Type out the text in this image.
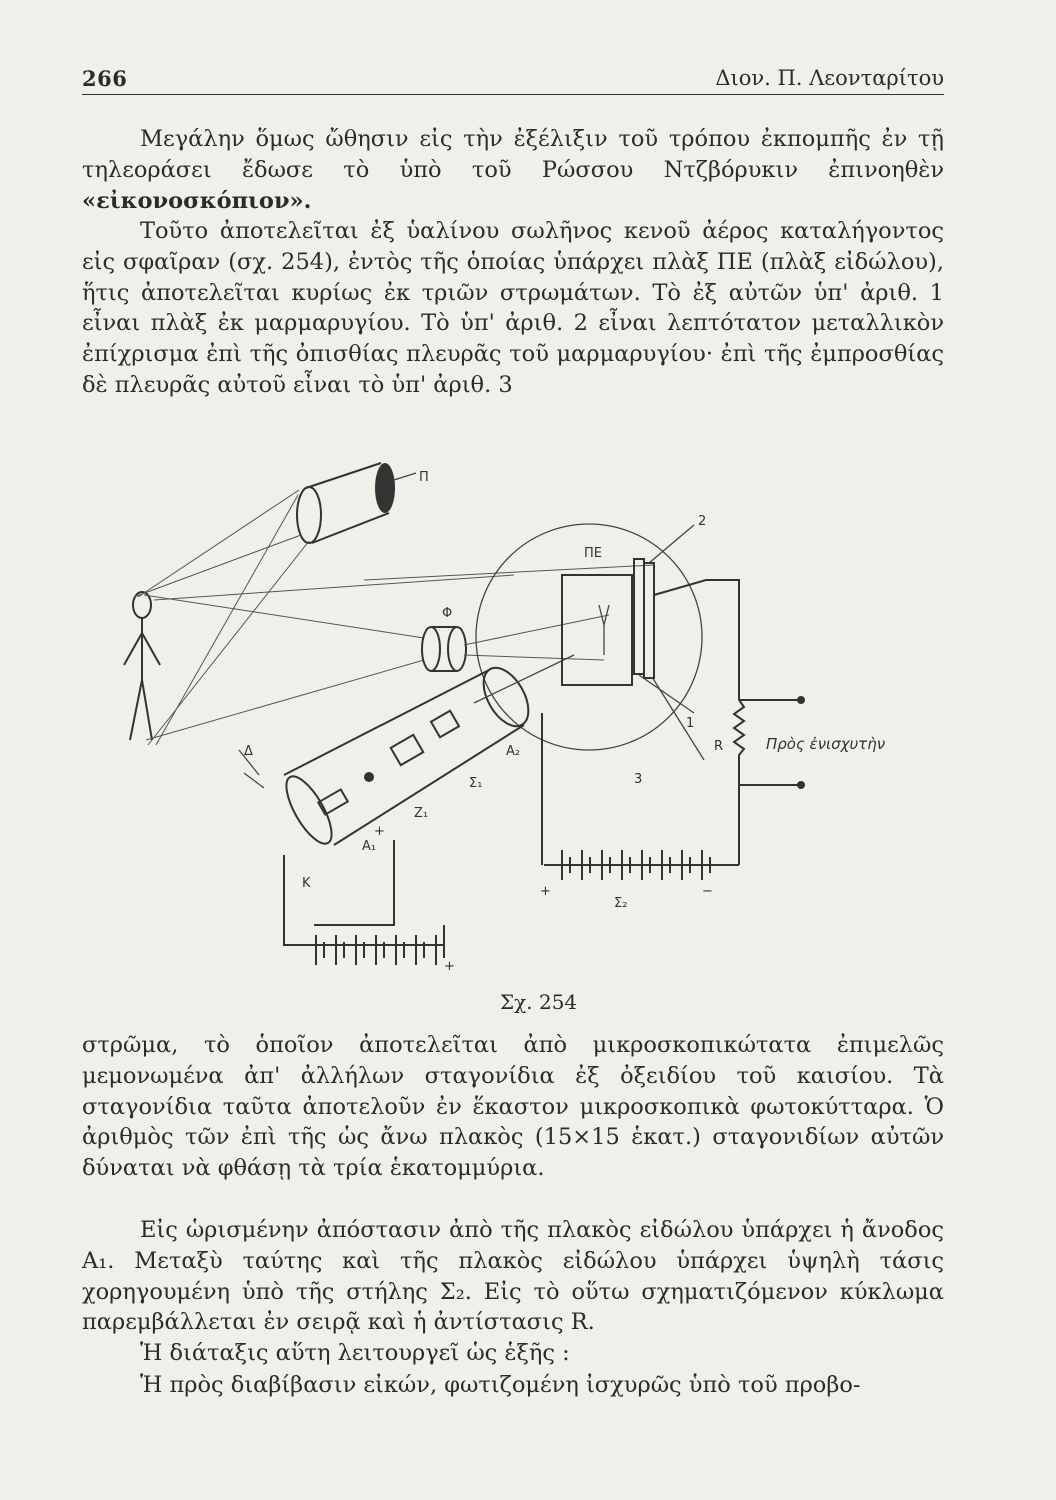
266	Διον. Π. Λεονταρίτου

Μεγάλην ὅμως ὤθησιν εἰς τὴν ἐξέλιξιν τοῦ τρόπου ἐκπομπῆς ἐν τῇ τηλεοράσει ἔδωσε τὸ ὑπὸ τοῦ Ρώσσου Ντζβόρυκιν ἐπινοηθὲν «εἰκονοσκόπιον».

Τοῦτο ἀποτελεῖται ἐξ ὑαλίνου σωλῆνος κενοῦ ἀέρος καταλήγοντος εἰς σφαῖραν (σχ. 254), ἐντὸς τῆς ὁποίας ὑπάρχει πλὰξ ΠΕ (πλὰξ εἰδώλου), ἥτις ἀποτελεῖται κυρίως ἐκ τριῶν στρωμάτων. Τὸ ἐξ αὐτῶν ὑπ' ἀριθ. 1 εἶναι πλὰξ ἐκ μαρμαρυγίου. Τὸ ὑπ' ἀριθ. 2 εἶναι λεπτότατον μεταλλικὸν ἐπίχρισμα ἐπὶ τῆς ὀπισθίας πλευρᾶς τοῦ μαρμαρυγίου· ἐπὶ τῆς ἐμπροσθίας δὲ πλευρᾶς αὐτοῦ εἶναι τὸ ὑπ' ἀριθ. 3

Π
ΠΕ
Φ
2
1
3
Δ
Κ
Α₁
Α₂
Σ₁
Σ₂
Ζ₁
R	Πρὸς ἐνισχυτὴν
+
+
+
−
Σχ. 254

στρῶμα, τὸ ὁποῖον ἀποτελεῖται ἀπὸ μικροσκοπικώτατα ἐπιμελῶς μεμονωμένα ἀπ' ἀλλήλων σταγονίδια ἐξ ὀξειδίου τοῦ καισίου. Τὰ σταγονίδια ταῦτα ἀποτελοῦν ἐν ἕκαστον μικροσκοπικὰ φωτοκύτταρα. Ὁ ἀριθμὸς τῶν ἐπὶ τῆς ὡς ἄνω πλακὸς (15×15 ἑκατ.) σταγονιδίων αὐτῶν δύναται νὰ φθάσῃ τὰ τρία ἑκατομμύρια.

Εἰς ὡρισμένην ἀπόστασιν ἀπὸ τῆς πλακὸς εἰδώλου ὑπάρχει ἡ ἄνοδος Α₁. Μεταξὺ ταύτης καὶ τῆς πλακὸς εἰδώλου ὑπάρχει ὑψηλὴ τάσις χορηγουμένη ὑπὸ τῆς στήλης Σ₂. Εἰς τὸ οὕτω σχηματιζόμενον κύκλωμα παρεμβάλλεται ἐν σειρᾷ καὶ ἡ ἀντίστασις R.

Ἡ διάταξις αὕτη λειτουργεῖ ὡς ἑξῆς :

Ἡ πρὸς διαβίβασιν εἰκών, φωτιζομένη ἰσχυρῶς ὑπὸ τοῦ προβο-
